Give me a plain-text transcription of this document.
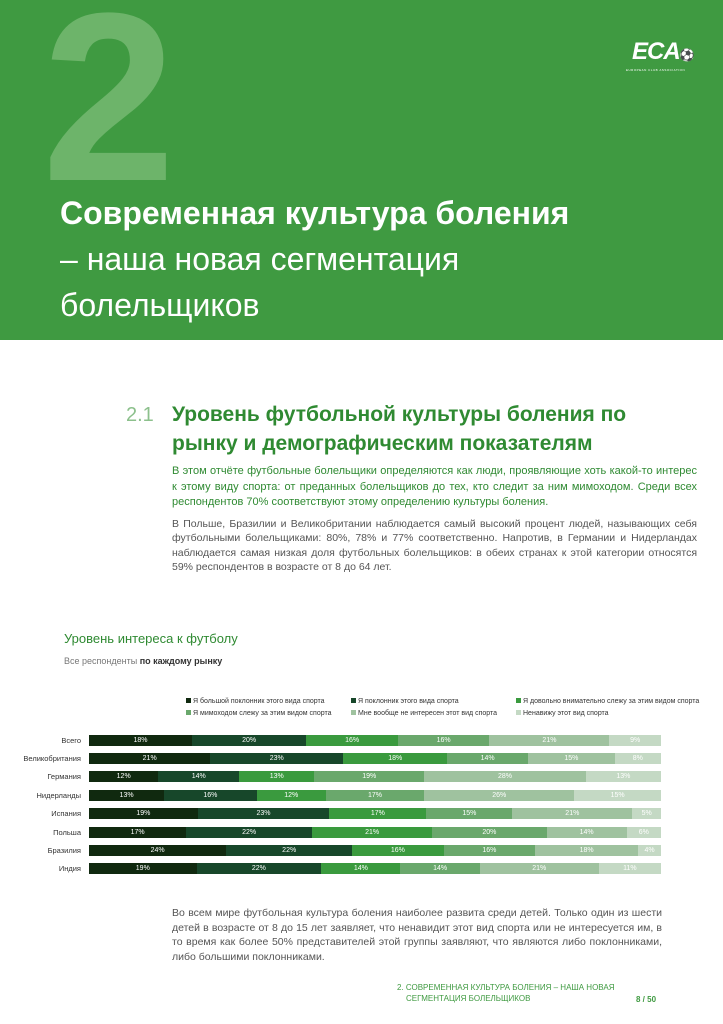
2	ECA⚽
EUROPEAN CLUB ASSOCIATION
Современная культура боления
– наша новая сегментация
болельщиков
2.1 Уровень футбольной культуры боления по рынку и демографическим показателям
В этом отчёте футбольные болельщики определяются как люди, проявляющие хоть какой-то интерес к этому виду спорта: от преданных болельщиков до тех, кто следит за ним мимоходом. Среди всех респондентов 70% соответствуют этому определению культуры боления.
В Польше, Бразилии и Великобритании наблюдается самый высокий процент людей, называющих себя футбольными болельщиками: 80%, 78% и 77% соответственно. Напротив, в Германии и Нидерландах наблюдается самая низкая доля футбольных болельщиков: в обеих странах к этой категории относятся 59% респондентов в возрасте от 8 до 64 лет.
Уровень интереса к футболу
Все респонденты по каждому рынку
Я большой поклонник этого вида спорта	Я поклонник этого вида спорта	Я довольно внимательно слежу за этим видом спорта
Я мимоходом слежу за этим видом спорта	Мне вообще не интересен этот вид спорта	Ненавижу этот вид спорта
Всего	18%	20%	16%	16%	21%	9%
Великобритания	21%	23%	18%	14%	15%	8%
Германия	12%	14%	13%	19%	28%	13%
Нидерланды	13%	16%	12%	17%	26%	15%
Испания	19%	23%	17%	15%	21%	5%
Польша	17%	22%	21%	20%	14%	6%
Бразилия	24%	22%	16%	16%	18%	4%
Индия	19%	22%	14%	14%	21%	11%
Во всем мире футбольная культура боления наиболее развита среди детей. Только один из шести детей в возрасте от 8 до 15 лет заявляет, что ненавидит этот вид спорта или не интересуется им, в то время как более 50% представителей этой группы заявляют, что являются либо поклонниками, либо большими поклонниками.
2. СОВРЕМЕННАЯ КУЛЬТУРА БОЛЕНИЯ – НАША НОВАЯ
СЕГМЕНТАЦИЯ БОЛЕЛЬЩИКОВ	8 / 50
